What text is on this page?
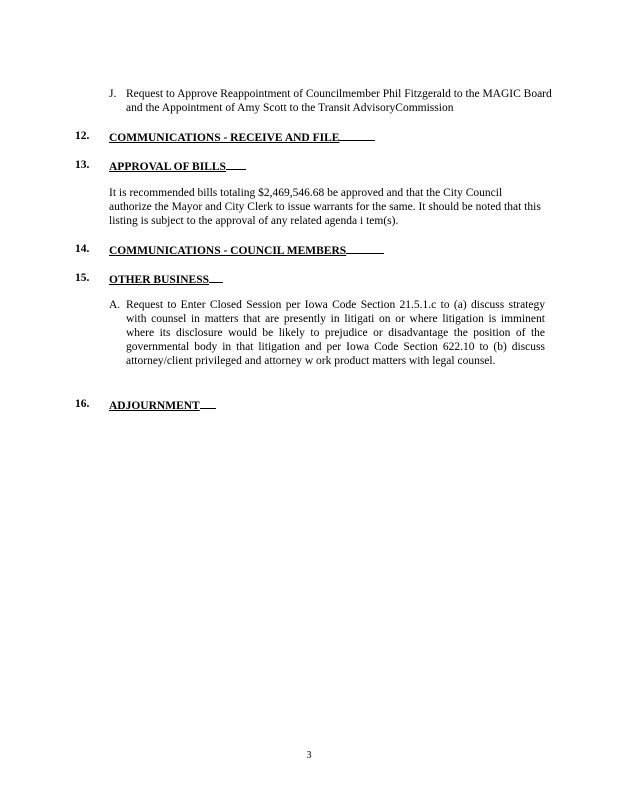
J. Request to Approve Reappointment of Councilmember Phil Fitzgerald to the MAGIC Board and the Appointment of Amy Scott to the Transit AdvisoryCommission
12. COMMUNICATIONS - RECEIVE AND FILE
13. APPROVAL OF BILLS
It is recommended bills totaling $2,469,546.68 be approved and that the City Council authorize the Mayor and City Clerk to issue warrants for the same. It should be noted that this listing is subject to the approval of any related agenda i tem(s).
14. COMMUNICATIONS - COUNCIL MEMBERS
15. OTHER BUSINESS
A. Request to Enter Closed Session per Iowa Code Section 21.5.1.c to (a) discuss strategy with counsel in matters that are presently in litigati on or where litigation is imminent where its disclosure would be likely to prejudice or disadvantage the position of the governmental body in that litigation and per Iowa Code Section 622.10 to (b) discuss attorney/client privileged and attorney w ork product matters with legal counsel.
16. ADJOURNMENT
3
